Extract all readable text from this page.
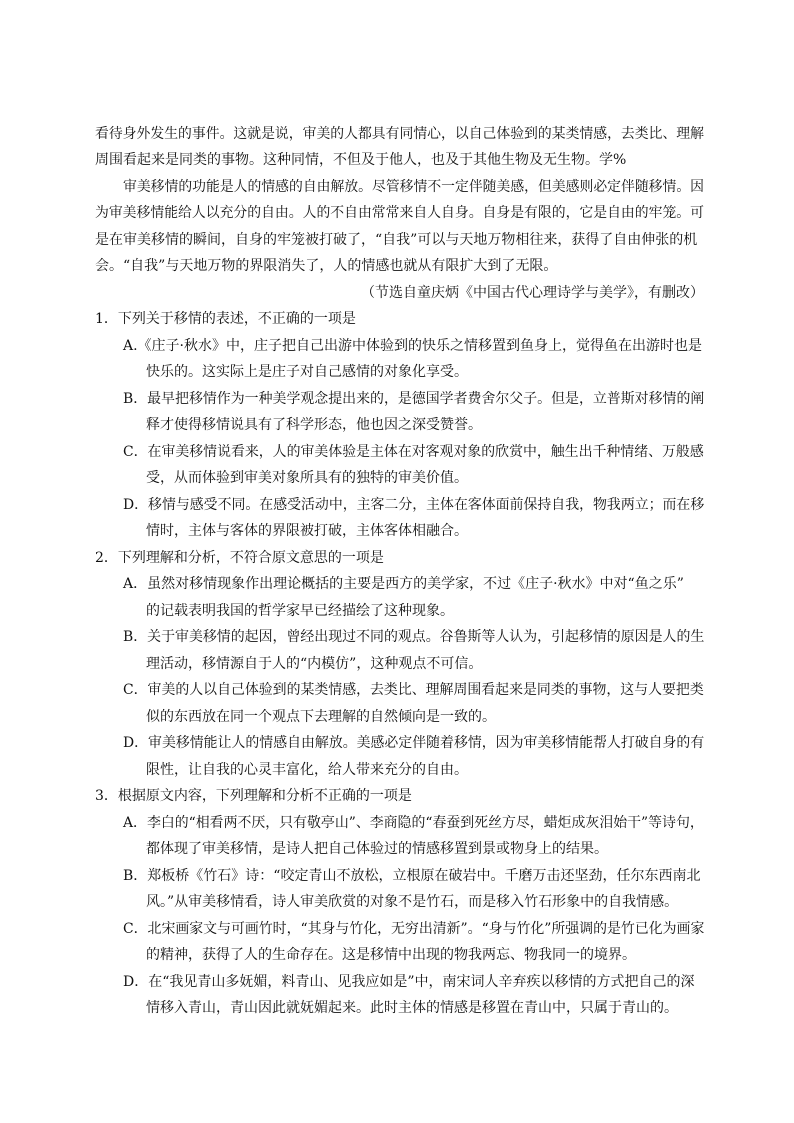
看待身外发生的事件。这就是说，审美的人都具有同情心，以自己体验到的某类情感，去类比、理解
周围看起来是同类的事物。这种同情，不但及于他人，也及于其他生物及无生物。学%
审美移情的功能是人的情感的自由解放。尽管移情不一定伴随美感，但美感则必定伴随移情。因
为审美移情能给人以充分的自由。人的不自由常常来自人自身。自身是有限的，它是自由的牢笼。可
是在审美移情的瞬间，自身的牢笼被打破了，“自我”可以与天地万物相往来，获得了自由伸张的机
会。“自我”与天地万物的界限消失了，人的情感也就从有限扩大到了无限。
（节选自童庆炳《中国古代心理诗学与美学》，有删改）
1．下列关于移情的表述，不正确的一项是
A.《庄子·秋水》中，庄子把自己出游中体验到的快乐之情移置到鱼身上，觉得鱼在出游时也是
快乐的。这实际上是庄子对自己感情的对象化享受。
B．最早把移情作为一种美学观念提出来的，是德国学者费舍尔父子。但是，立普斯对移情的阐
释才使得移情说具有了科学形态，他也因之深受赞誉。
C．在审美移情说看来，人的审美体验是主体在对客观对象的欣赏中，触生出千种情绪、万般感
受，从而体验到审美对象所具有的独特的审美价值。
D．移情与感受不同。在感受活动中，主客二分，主体在客体面前保持自我，物我两立；而在移
情时，主体与客体的界限被打破，主体客体相融合。
2．下列理解和分析，不符合原文意思的一项是
A．虽然对移情现象作出理论概括的主要是西方的美学家，不过《庄子·秋水》中对“鱼之乐”
的记载表明我国的哲学家早已经描绘了这种现象。
B．关于审美移情的起因，曾经出现过不同的观点。谷鲁斯等人认为，引起移情的原因是人的生
理活动，移情源自于人的“内模仿”，这种观点不可信。
C．审美的人以自己体验到的某类情感，去类比、理解周围看起来是同类的事物，这与人要把类
似的东西放在同一个观点下去理解的自然倾向是一致的。
D．审美移情能让人的情感自由解放。美感必定伴随着移情，因为审美移情能帮人打破自身的有
限性，让自我的心灵丰富化，给人带来充分的自由。
3．根据原文内容，下列理解和分析不正确的一项是
A．李白的“相看两不厌，只有敬亭山”、李商隐的“春蚕到死丝方尽，蜡炬成灰泪始干”等诗句，
都体现了审美移情，是诗人把自己体验过的情感移置到景或物身上的结果。
B．郑板桥《竹石》诗：“咬定青山不放松，立根原在破岩中。千磨万击还坚劲，任尔东西南北
风。”从审美移情看，诗人审美欣赏的对象不是竹石，而是移入竹石形象中的自我情感。
C．北宋画家文与可画竹时，“其身与竹化，无穷出清新”。“身与竹化”所强调的是竹已化为画家
的精神，获得了人的生命存在。这是移情中出现的物我两忘、物我同一的境界。
D．在“我见青山多妩媚，料青山、见我应如是”中，南宋词人辛弃疾以移情的方式把自己的深
情移入青山，青山因此就妩媚起来。此时主体的情感是移置在青山中，只属于青山的。
